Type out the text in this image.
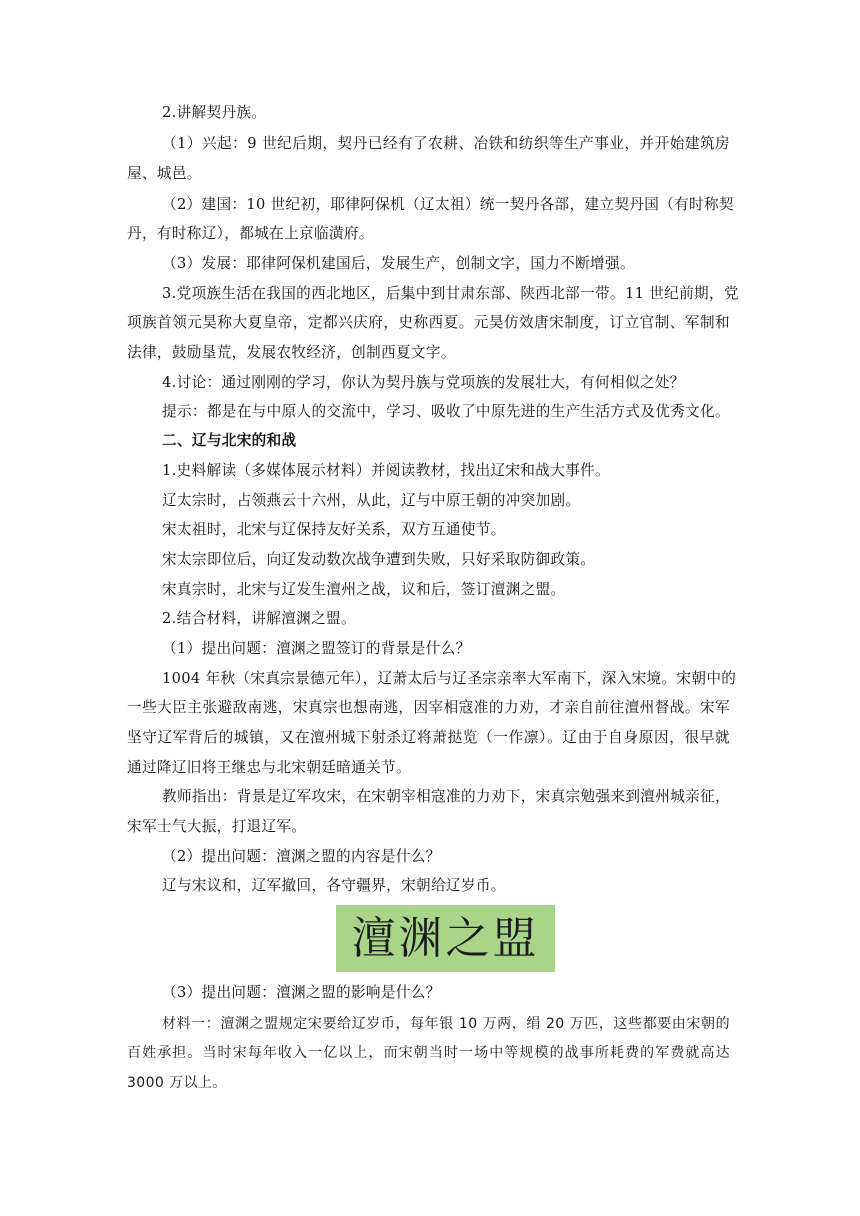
2.讲解契丹族。

（1）兴起：9 世纪后期，契丹已经有了农耕、冶铁和纺织等生产事业，并开始建筑房

屋、城邑。

（2）建国：10 世纪初，耶律阿保机（辽太祖）统一契丹各部，建立契丹国（有时称契

丹，有时称辽），都城在上京临潢府。

（3）发展：耶律阿保机建国后，发展生产，创制文字，国力不断增强。

3.党项族生活在我国的西北地区，后集中到甘肃东部、陕西北部一带。11 世纪前期，党

项族首领元昊称大夏皇帝，定都兴庆府，史称西夏。元昊仿效唐宋制度，订立官制、军制和

法律，鼓励垦荒，发展农牧经济，创制西夏文字。

4.讨论：通过刚刚的学习，你认为契丹族与党项族的发展壮大，有何相似之处？

提示：都是在与中原人的交流中，学习、吸收了中原先进的生产生活方式及优秀文化。

二、辽与北宋的和战

1.史料解读（多媒体展示材料）并阅读教材，找出辽宋和战大事件。

辽太宗时，占领燕云十六州，从此，辽与中原王朝的冲突加剧。

宋太祖时，北宋与辽保持友好关系，双方互通使节。

宋太宗即位后，向辽发动数次战争遭到失败，只好采取防御政策。

宋真宗时，北宋与辽发生澶州之战，议和后，签订澶渊之盟。

2.结合材料，讲解澶渊之盟。

（1）提出问题：澶渊之盟签订的背景是什么？

1004 年秋（宋真宗景德元年），辽萧太后与辽圣宗亲率大军南下，深入宋境。宋朝中的

一些大臣主张避敌南逃，宋真宗也想南逃，因宰相寇准的力劝，才亲自前往澶州督战。宋军

坚守辽军背后的城镇，又在澶州城下射杀辽将萧挞览（一作凛）。辽由于自身原因，很早就

通过降辽旧将王继忠与北宋朝廷暗通关节。

教师指出：背景是辽军攻宋，在宋朝宰相寇准的力劝下，宋真宗勉强来到澶州城亲征，

宋军士气大振，打退辽军。

（2）提出问题：澶渊之盟的内容是什么？

辽与宋议和，辽军撤回，各守疆界，宋朝给辽岁币。

澶渊之盟

（3）提出问题：澶渊之盟的影响是什么？

材料一：澶渊之盟规定宋要给辽岁币，每年银 10 万两，绢 20 万匹，这些都要由宋朝的

百姓承担。当时宋每年收入一亿以上，而宋朝当时一场中等规模的战事所耗费的军费就高达

3000 万以上。
